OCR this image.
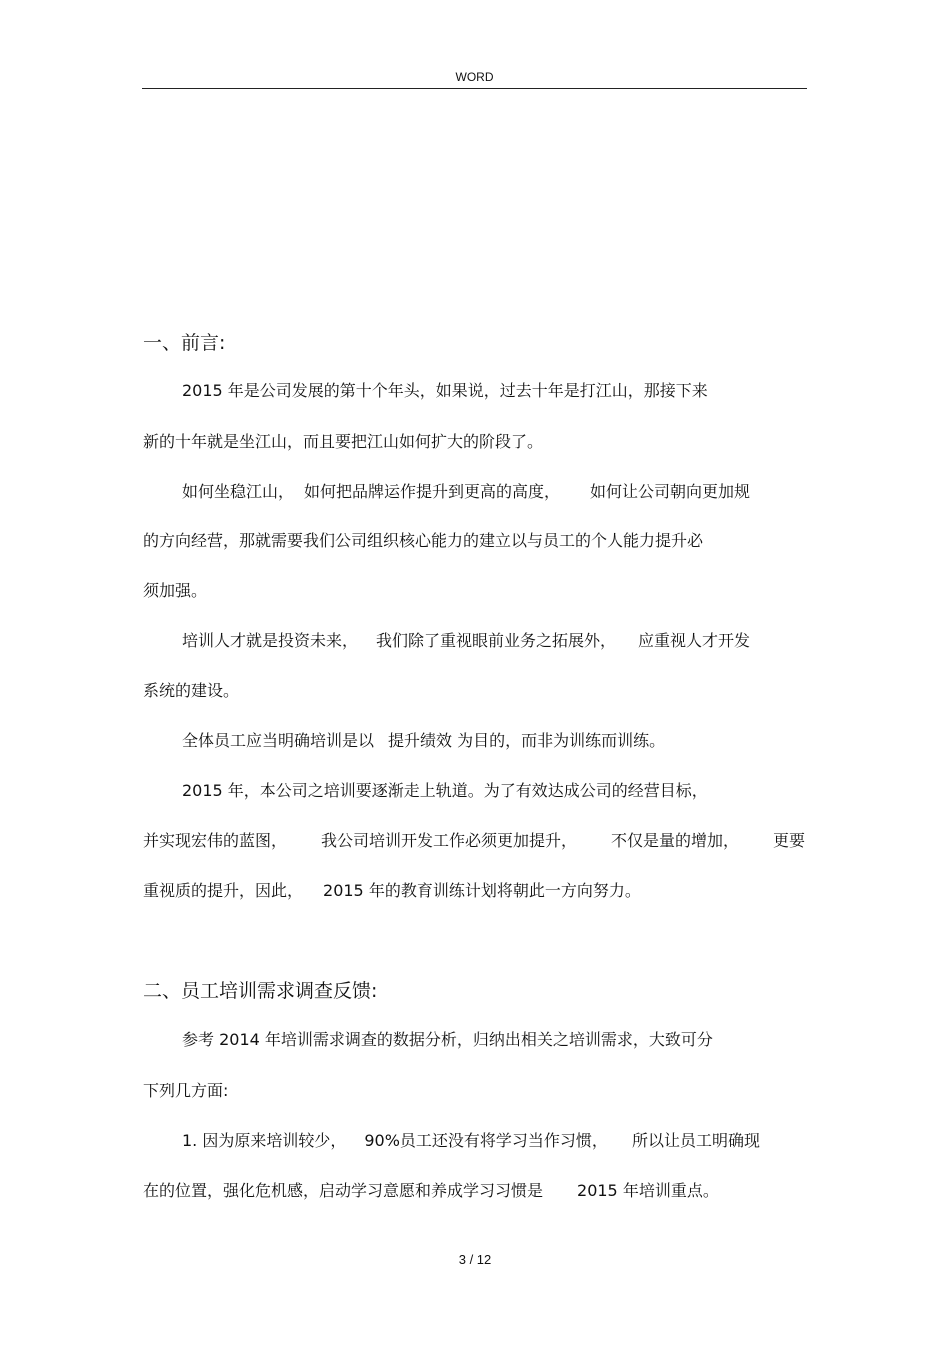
WORD
一、前言:
2015 年是公司发展的第十个年头，如果说，过去十年是打江山，那接下来
新的十年就是坐江山，而且要把江山如何扩大的阶段了。
如何坐稳江山， 如何把品牌运作提升到更高的高度， 如何让公司朝向更加规
的方向经营，那就需要我们公司组织核心能力的建立以与员工的个人能力提升必
须加强。
培训人才就是投资未来， 我们除了重视眼前业务之拓展外， 应重视人才开发
系统的建设。
全体员工应当明确培训是以 提升绩效 为目的，而非为训练而训练。
2015 年，本公司之培训要逐渐走上轨道。为了有效达成公司的经营目标，
并实现宏伟的蓝图， 我公司培训开发工作必须更加提升， 不仅是量的增加， 更要
重视质的提升，因此， 2015 年的教育训练计划将朝此一方向努力。
二、员工培训需求调查反馈:
参考 2014 年培训需求调查的数据分析，归纳出相关之培训需求，大致可分
下列几方面:
1. 因为原来培训较少， 90%员工还没有将学习当作习惯， 所以让员工明确现
在的位置，强化危机感，启动学习意愿和养成学习习惯是 2015 年培训重点。
3 / 12
